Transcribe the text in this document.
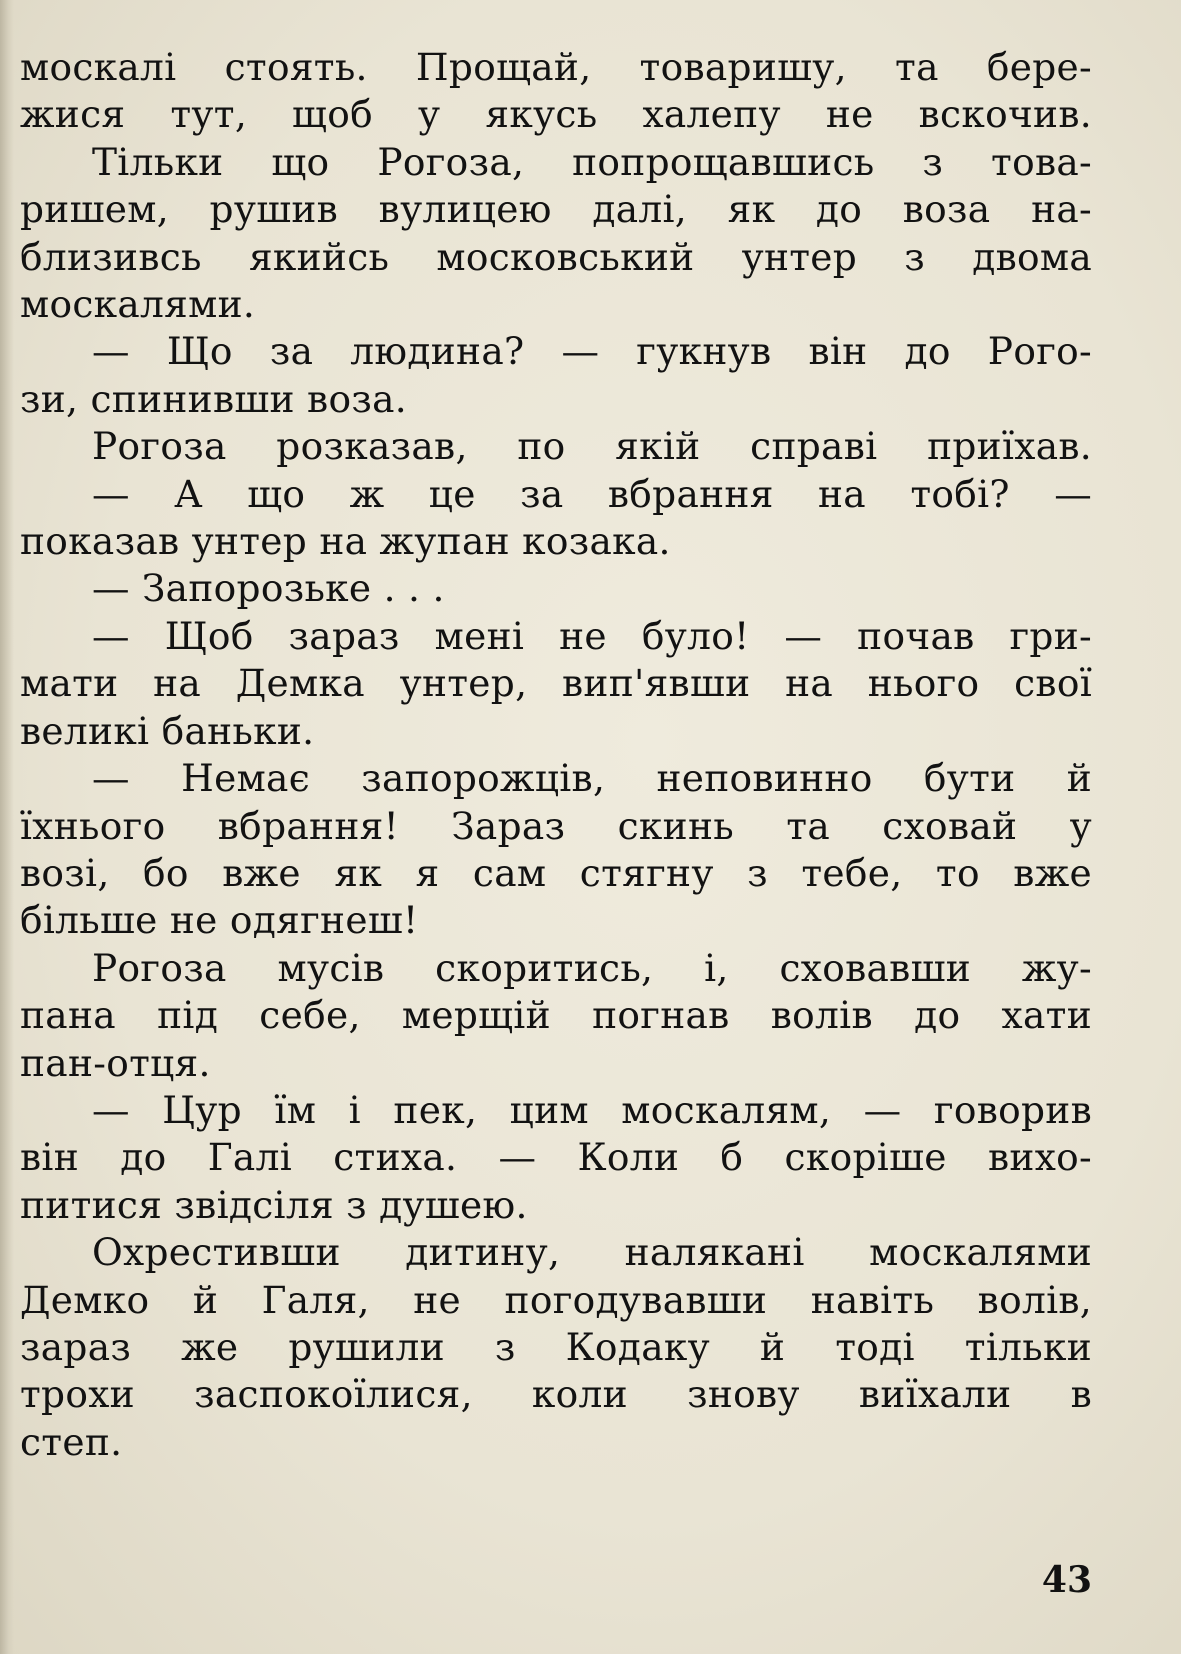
москалі стоять. Прощай, товаришу, та бере-
жися тут, щоб у якусь халепу не вскочив.
Тільки що Рогоза, попрощавшись з това-
ришем, рушив вулицею далі, як до воза на-
близивсь якийсь московський унтер з двома
москалями.
— Що за людина? — гукнув він до Рого-
зи, спинивши воза.
Рогоза розказав, по якій справі приїхав.
— А що ж це за вбрання на тобі? —
показав унтер на жупан козака.
— Запорозьке . . .
— Щоб зараз мені не було! — почав гри-
мати на Демка унтер, вип'явши на нього свої
великі баньки.
— Немає запорожців, неповинно бути й
їхнього вбрання! Зараз скинь та сховай у
возі, бо вже як я сам стягну з тебе, то вже
більше не одягнеш!
Рогоза мусів скоритись, і, сховавши жу-
пана під себе, мерщій погнав волів до хати
пан-отця.
— Цур їм і пек, цим москалям, — говорив
він до Галі стиха. — Коли б скоріше вихо-
питися звідсіля з душею.
Охрестивши дитину, налякані москалями
Демко й Галя, не погодувавши навіть волів,
зараз же рушили з Кодаку й тоді тільки
трохи заспокоїлися, коли знову виїхали в
степ.
43
